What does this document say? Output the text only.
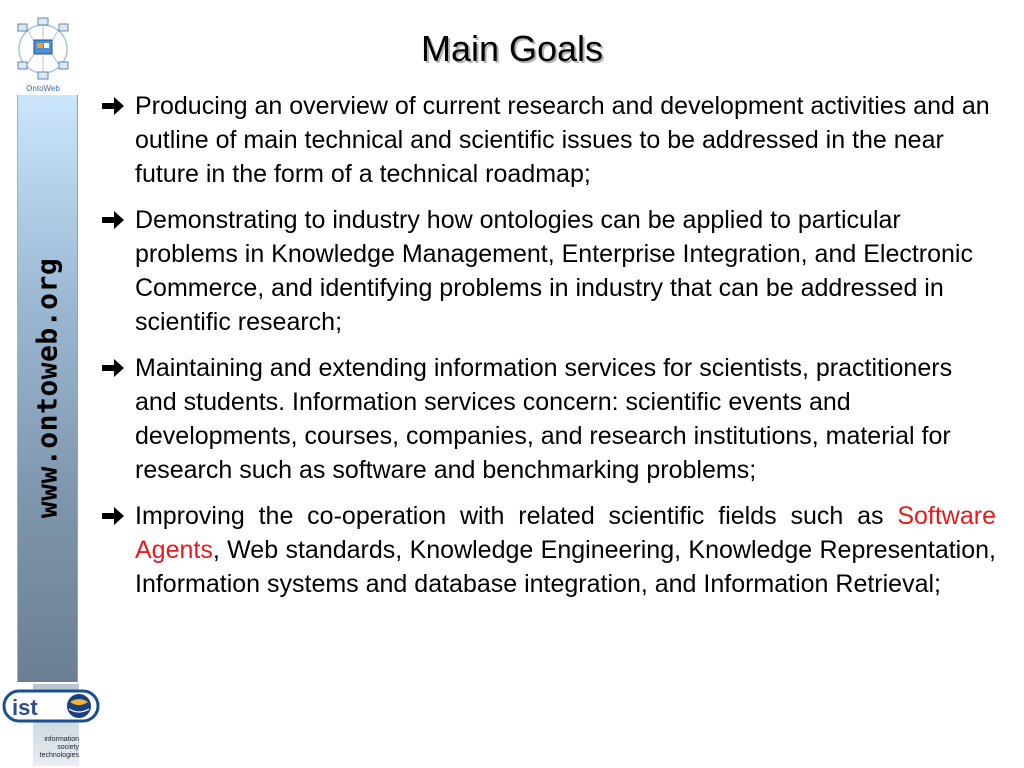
OntoWeb
www.ontoweb.org
ist
information society technologies
Main Goals
Producing an overview of current research and development activities and an outline of main technical and scientific issues to be addressed in the near future in the form of a technical roadmap;
Demonstrating to industry how ontologies can be applied to particular problems in Knowledge Management, Enterprise Integration, and Electronic Commerce, and identifying problems in industry that can be addressed in scientific research;
Maintaining and extending information services for scientists, practitioners and students. Information services concern: scientific events and developments, courses, companies, and research institutions, material for research such as software and benchmarking problems;
Improving the co-operation with related scientific fields such as Software Agents, Web standards, Knowledge Engineering, Knowledge Representation, Information systems and database integration, and Information Retrieval;
